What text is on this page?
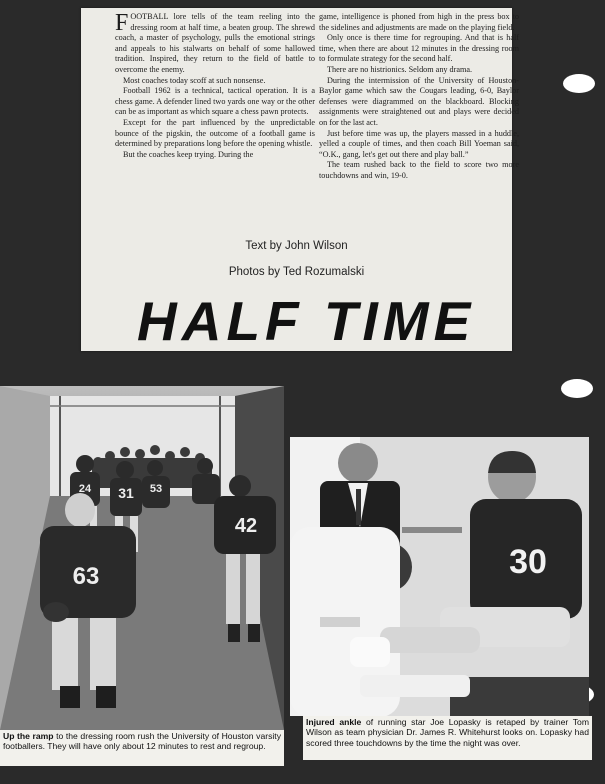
FOOTBALL lore tells of the team reeling into the dressing room at half time, a beaten group. The shrewd coach, a master of psychology, pulls the emotional strings and appeals to his stalwarts on behalf of some hallowed tradition. Inspired, they return to the field of battle to overcome the enemy.

Most coaches today scoff at such nonsense.

Football 1962 is a technical, tactical operation. It is a chess game. A defender lined two yards one way or the other can be as important as which square a chess pawn protects.

Except for the part influenced by the unpredictable bounce of the pigskin, the outcome of a football game is determined by preparations long before the opening whistle.

But the coaches keep trying. During the

game, intelligence is phoned from high in the press box to the sidelines and adjustments are made on the playing field.

Only once is there time for regrouping. And that is half time, when there are about 12 minutes in the dressing room to formulate strategy for the second half.

There are no histrionics. Seldom any drama.

During the intermission of the University of Houston-Baylor game which saw the Cougars leading, 6-0, Baylor defenses were diagrammed on the blackboard. Blocking assignments were straightened out and plays were decided on for the last act.

Just before time was up, the players massed in a huddle, yelled a couple of times, and then coach Bill Yoeman said, “O.K., gang, let's get out there and play ball.”

The team rushed back to the field to score two more touchdowns and win, 19-0.

Text by John Wilson
Photos by Ted Rozumalski
HALF TIME
63
31
42
53
24
Up the ramp to the dressing room rush the University of Houston varsity footballers. They will have only about 12 minutes to rest and regroup.
30
Injured ankle of running star Joe Lopasky is retaped by trainer Tom Wilson as team physician Dr. James R. Whitehurst looks on. Lopasky had scored three touchdowns by the time the night was over.
